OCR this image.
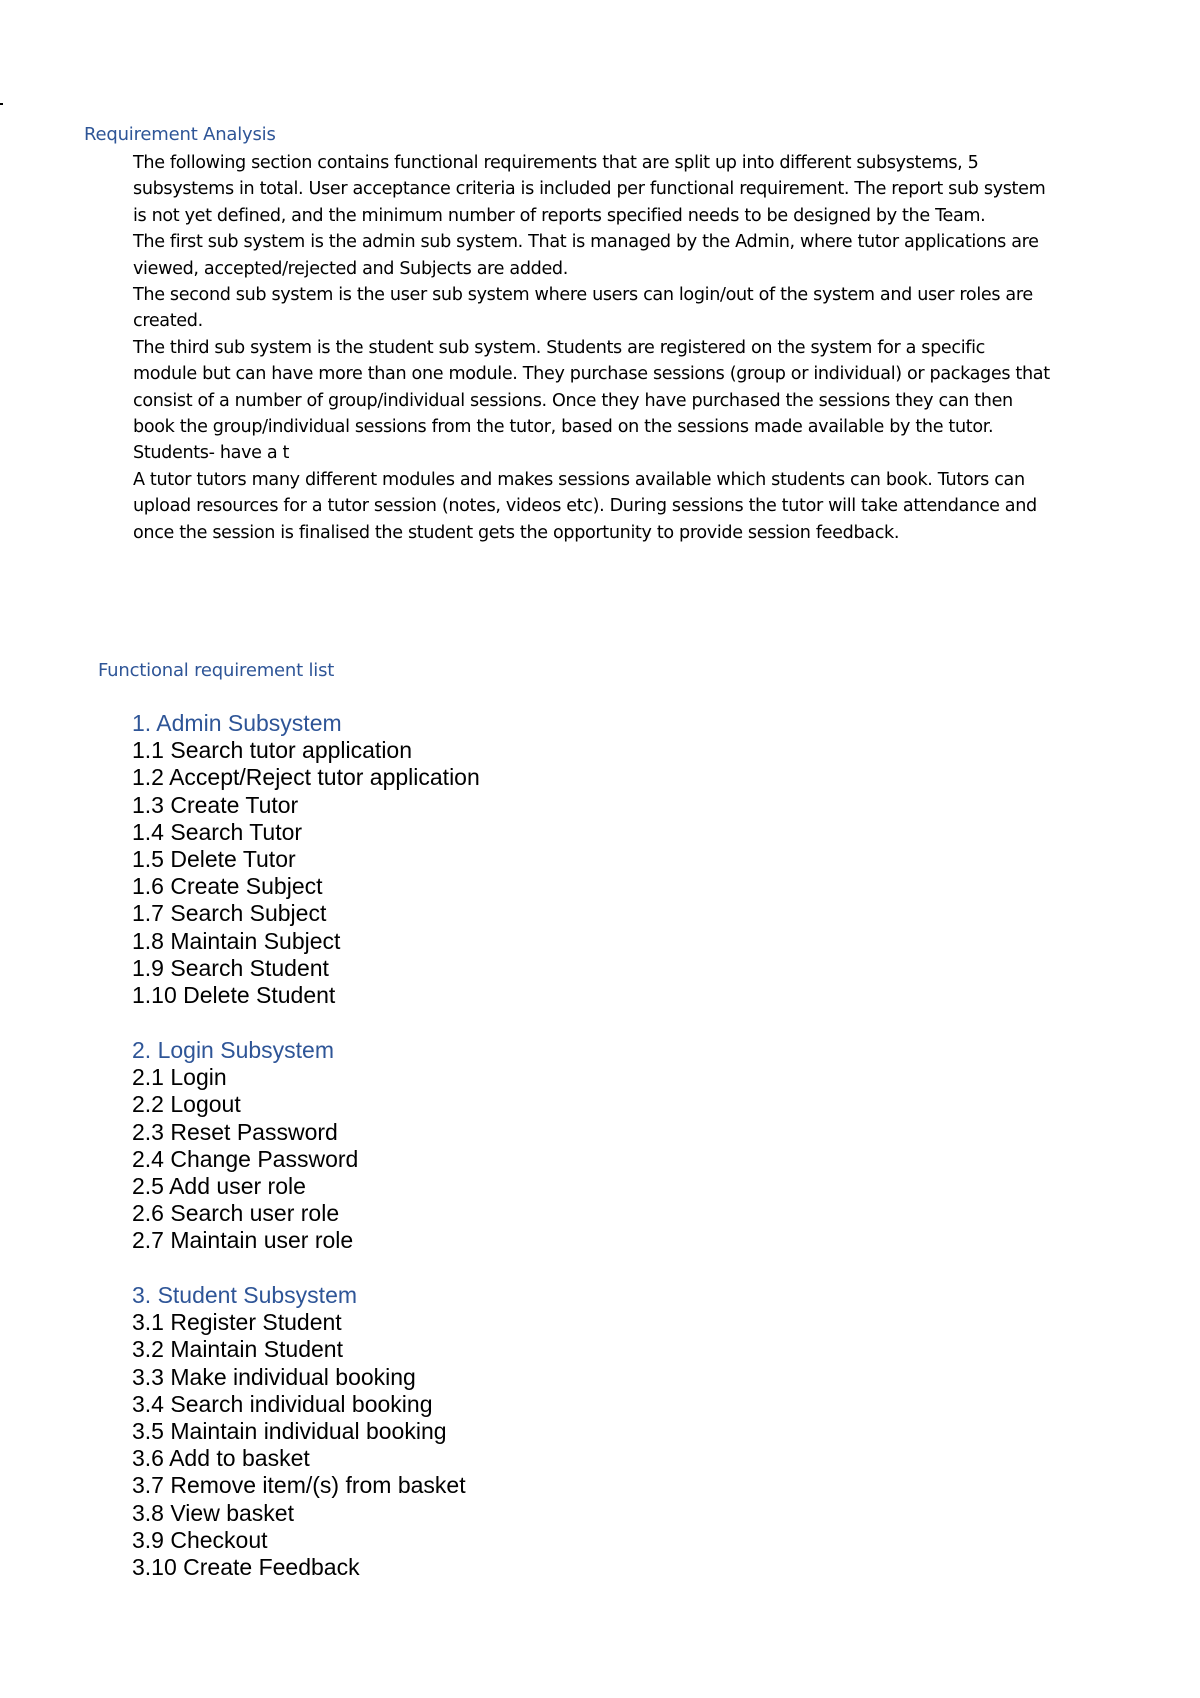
Requirement Analysis

The following section contains functional requirements that are split up into different subsystems, 5 subsystems in total. User acceptance criteria is included per functional requirement. The report sub system is not yet defined, and the minimum number of reports specified needs to be designed by the Team.

The first sub system is the admin sub system. That is managed by the Admin, where tutor applications are viewed, accepted/rejected and Subjects are added.

The second sub system is the user sub system where users can login/out of the system and user roles are created.

The third sub system is the student sub system. Students are registered on the system for a specific module but can have more than one module. They purchase sessions (group or individual) or packages that consist of a number of group/individual sessions. Once they have purchased the sessions they can then book the group/individual sessions from the tutor, based on the sessions made available by the tutor. Students- have a t

A tutor tutors many different modules and makes sessions available which students can book. Tutors can upload resources for a tutor session (notes, videos etc). During sessions the tutor will take attendance and once the session is finalised the student gets the opportunity to provide session feedback.

Functional requirement list
1. Admin Subsystem
1.1 Search tutor application
1.2 Accept/Reject tutor application
1.3 Create Tutor
1.4 Search Tutor
1.5 Delete Tutor
1.6 Create Subject
1.7 Search Subject
1.8 Maintain Subject
1.9 Search Student
1.10 Delete Student
2. Login Subsystem
2.1 Login
2.2 Logout
2.3 Reset Password
2.4 Change Password
2.5 Add user role
2.6 Search user role
2.7 Maintain user role
3. Student Subsystem
3.1 Register Student
3.2 Maintain Student
3.3 Make individual booking
3.4 Search individual booking
3.5 Maintain individual booking
3.6 Add to basket
3.7 Remove item/(s) from basket
3.8 View basket
3.9 Checkout
3.10 Create Feedback
